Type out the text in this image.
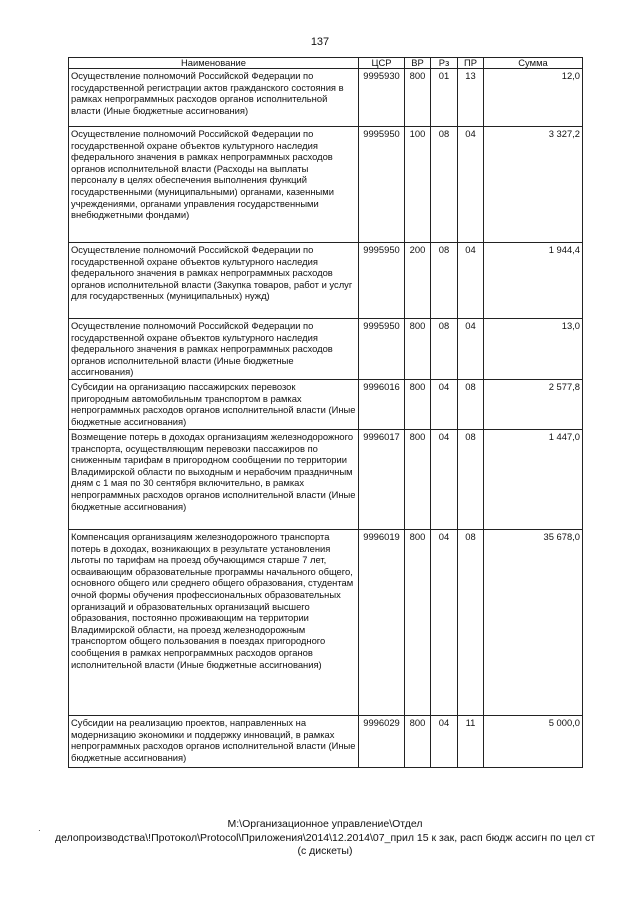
137
Наименование	ЦСР	ВР	Рз	ПР	Сумма
Осуществление полномочий Российской Федерации по государственной регистрации актов гражданского состояния в рамках непрограммных расходов органов исполнительной власти (Иные бюджетные ассигнования)	9995930	800	01	13	12,0
Осуществление полномочий Российской Федерации по государственной охране объектов культурного наследия федерального значения в рамках непрограммных расходов органов исполнительной власти (Расходы на выплаты персоналу в целях обеспечения выполнения функций государственными (муниципальными) органами, казенными учреждениями, органами управления государственными внебюджетными фондами)	9995950	100	08	04	3 327,2
Осуществление полномочий Российской Федерации по государственной охране объектов культурного наследия федерального значения в рамках непрограммных расходов органов исполнительной власти (Закупка товаров, работ и услуг для государственных (муниципальных) нужд)	9995950	200	08	04	1 944,4
Осуществление полномочий Российской Федерации по государственной охране объектов культурного наследия федерального значения в рамках непрограммных расходов органов исполнительной власти (Иные бюджетные ассигнования)	9995950	800	08	04	13,0
Субсидии на организацию пассажирских перевозок пригородным автомобильным транспортом в рамках непрограммных расходов органов исполнительной власти (Иные бюджетные ассигнования)	9996016	800	04	08	2 577,8
Возмещение потерь в доходах организациям железнодорожного транспорта, осуществляющим перевозки пассажиров по сниженным тарифам в пригородном сообщении по территории Владимирской области по выходным и нерабочим праздничным дням с 1 мая по 30 сентября включительно, в рамках непрограммных расходов органов исполнительной власти (Иные бюджетные ассигнования)	9996017	800	04	08	1 447,0
Компенсация организациям железнодорожного транспорта потерь в доходах, возникающих в результате установления льготы по тарифам на проезд обучающимся старше 7 лет, осваивающим образовательные программы начального общего, основного общего или среднего общего образования, студентам очной формы обучения профессиональных образовательных организаций и образовательных организаций высшего образования, постоянно проживающим на территории Владимирской области, на проезд железнодорожным транспортом общего пользования в поездах пригородного сообщения в рамках непрограммных расходов органов исполнительной власти (Иные бюджетные ассигнования)	9996019	800	04	08	35 678,0
Субсидии на реализацию проектов, направленных на модернизацию экономики и поддержку инноваций, в рамках непрограммных расходов органов исполнительной власти (Иные бюджетные ассигнования)	9996029	800	04	11	5 000,0
·
М:\Организационное управление\Отдел
делопроизводства\!Протокол\Protocol\Приложения\2014\12.2014\07_прил 15 к зак, расп бюдж ассигн по цел ст
(с дискеты)
